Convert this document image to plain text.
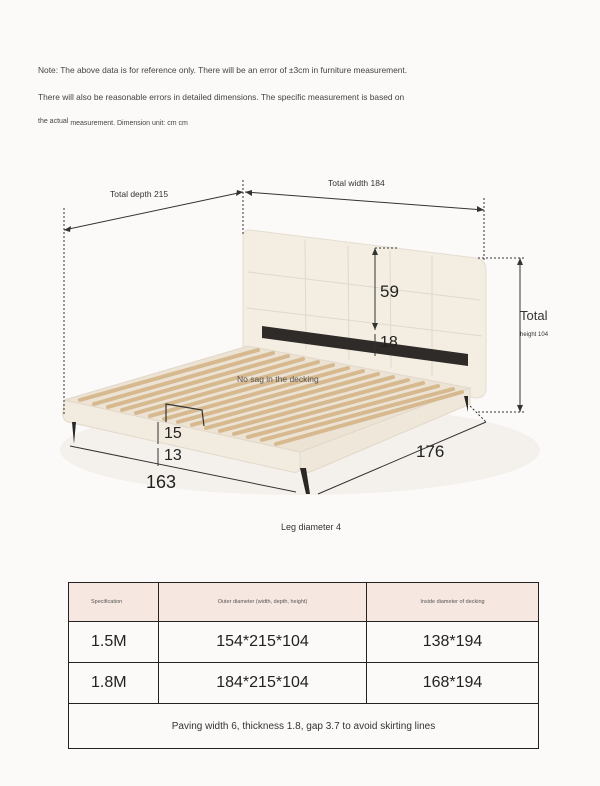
Note: The above data is for reference only. There will be an error of ±3cm in furniture measurement.
There will also be reasonable errors in detailed dimensions. The specific measurement is based on
the actual measurement. Dimension unit: cm cm
Total depth 215
Total width 184
Total
height 104
59
18
No sag in the decking
15
13
163
176
Leg diameter 4
Specification	Outer diameter (width, depth, height)	Inside diameter of decking
1.5M	154*215*104	138*194
1.8M	184*215*104	168*194
Paving width 6, thickness 1.8, gap 3.7 to avoid skirting lines		
